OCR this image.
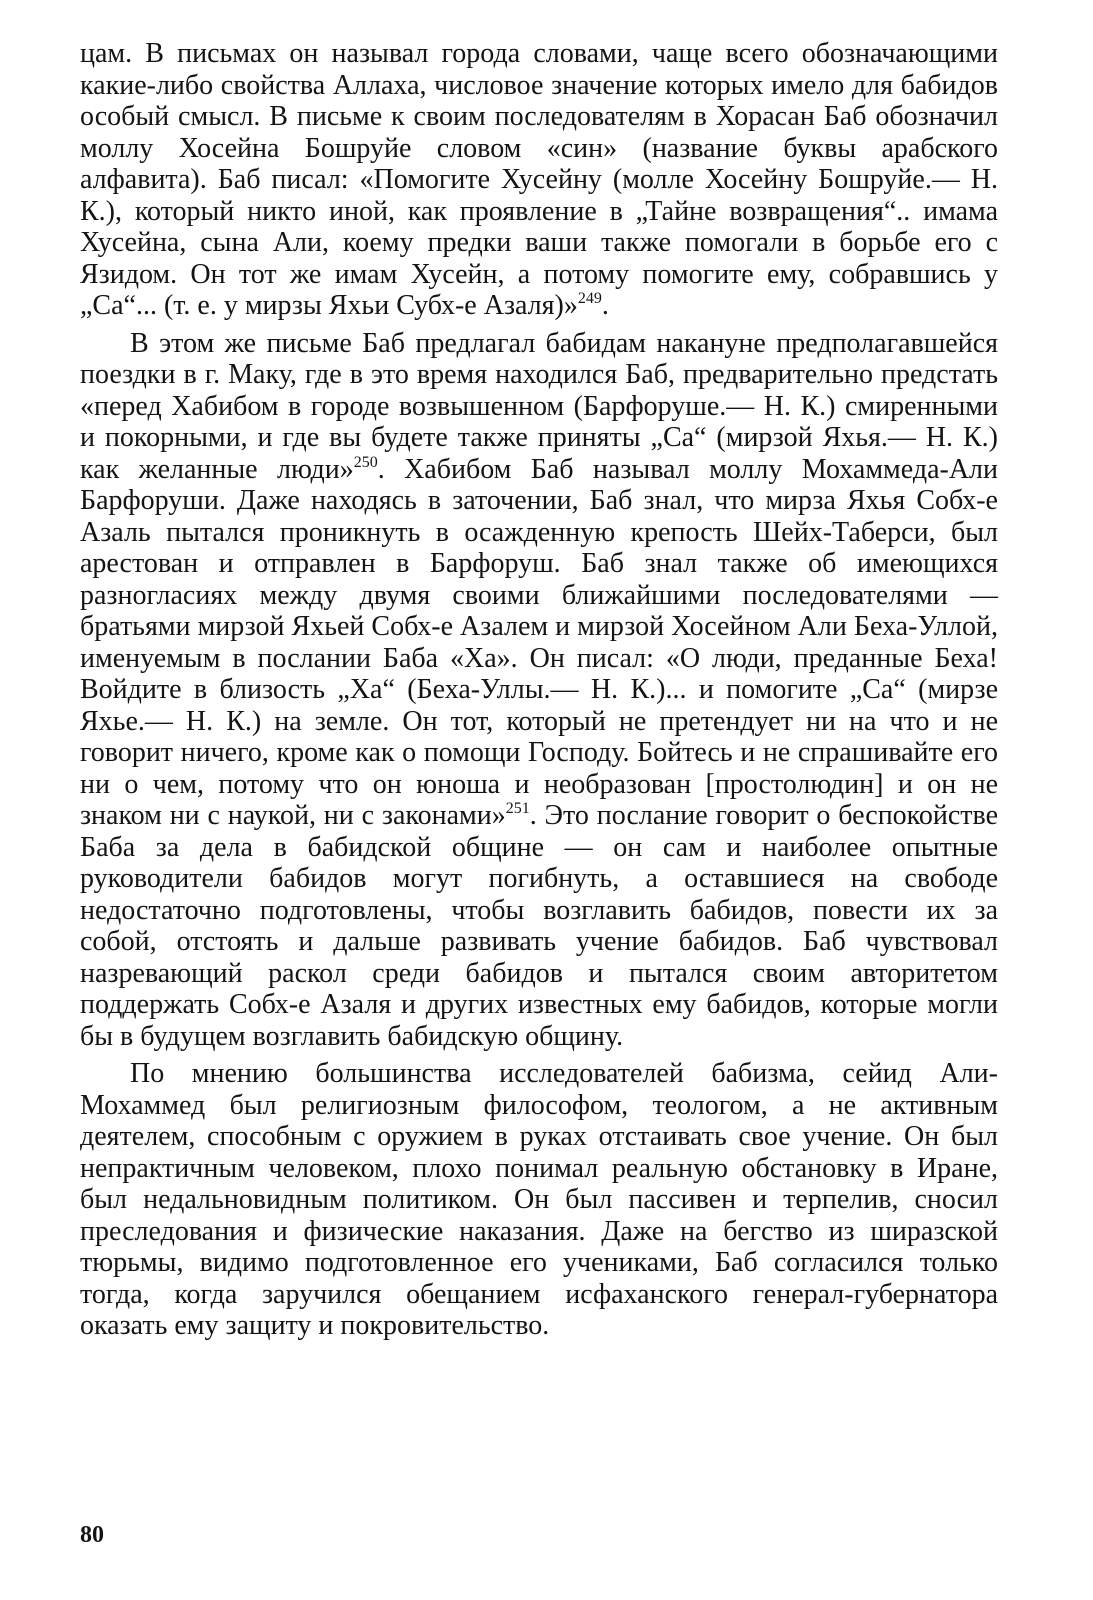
цам. В письмах он называл города словами, чаще всего обозначающими какие-либо свойства Аллаха, числовое значение которых имело для бабидов особый смысл. В письме к своим последователям в Хорасан Баб обозначил моллу Хосейна Бошруйе словом «син» (название буквы арабского алфавита). Баб писал: «Помогите Хусейну (молле Хосейну Бошруйе.— Н. К.), который никто иной, как проявление в „Тайне возвращения“.. имама Хусейна, сына Али, коему предки ваши также помогали в борьбе его с Язидом. Он тот же имам Хусейн, а потому помогите ему, собравшись у „Са“... (т. е. у мирзы Яхьи Субх-е Азаля)»$^{249}$.

В этом же письме Баб предлагал бабидам накануне предполагавшейся поездки в г. Маку, где в это время находился Баб, предварительно предстать «перед Хабибом в городе возвышенном (Барфоруше.— Н. К.) смиренными и покорными, и где вы будете также приняты „Са“ (мирзой Яхья.— Н. К.) как желанные люди»$^{250}$. Хабибом Баб называл моллу Мохаммеда-Али Барфоруши. Даже находясь в заточении, Баб знал, что мирза Яхья Собх-е Азаль пытался проникнуть в осажденную крепость Шейх-Таберси, был арестован и отправлен в Барфоруш. Баб знал также об имеющихся разногласиях между двумя своими ближайшими последователями — братьями мирзой Яхьей Собх-е Азалем и мирзой Хосейном Али Беха-Уллой, именуемым в послании Баба «Ха». Он писал: «О люди, преданные Беха! Войдите в близость „Ха“ (Беха-Уллы.— Н. К.)... и помогите „Са“ (мирзе Яхье.— Н. К.) на земле. Он тот, который не претендует ни на что и не говорит ничего, кроме как о помощи Господу. Бойтесь и не спрашивайте его ни о чем, потому что он юноша и необразован [простолюдин] и он не знаком ни с наукой, ни с законами»$^{251}$. Это послание говорит о беспокойстве Баба за дела в бабидской общине — он сам и наиболее опытные руководители бабидов могут погибнуть, а оставшиеся на свободе недостаточно подготовлены, чтобы возглавить бабидов, повести их за собой, отстоять и дальше развивать учение бабидов. Баб чувствовал назревающий раскол среди бабидов и пытался своим авторитетом поддержать Собх-е Азаля и других известных ему бабидов, которые могли бы в будущем возглавить бабидскую общину.

По мнению большинства исследователей бабизма, сейид Али-Мохаммед был религиозным философом, теологом, а не активным деятелем, способным с оружием в руках отстаивать свое учение. Он был непрактичным человеком, плохо понимал реальную обстановку в Иране, был недальновидным политиком. Он был пассивен и терпелив, сносил преследования и физические наказания. Даже на бегство из ширазской тюрьмы, видимо подготовленное его учениками, Баб согласился только тогда, когда заручился обещанием исфаханского генерал-губернатора оказать ему защиту и покровительство.

80
